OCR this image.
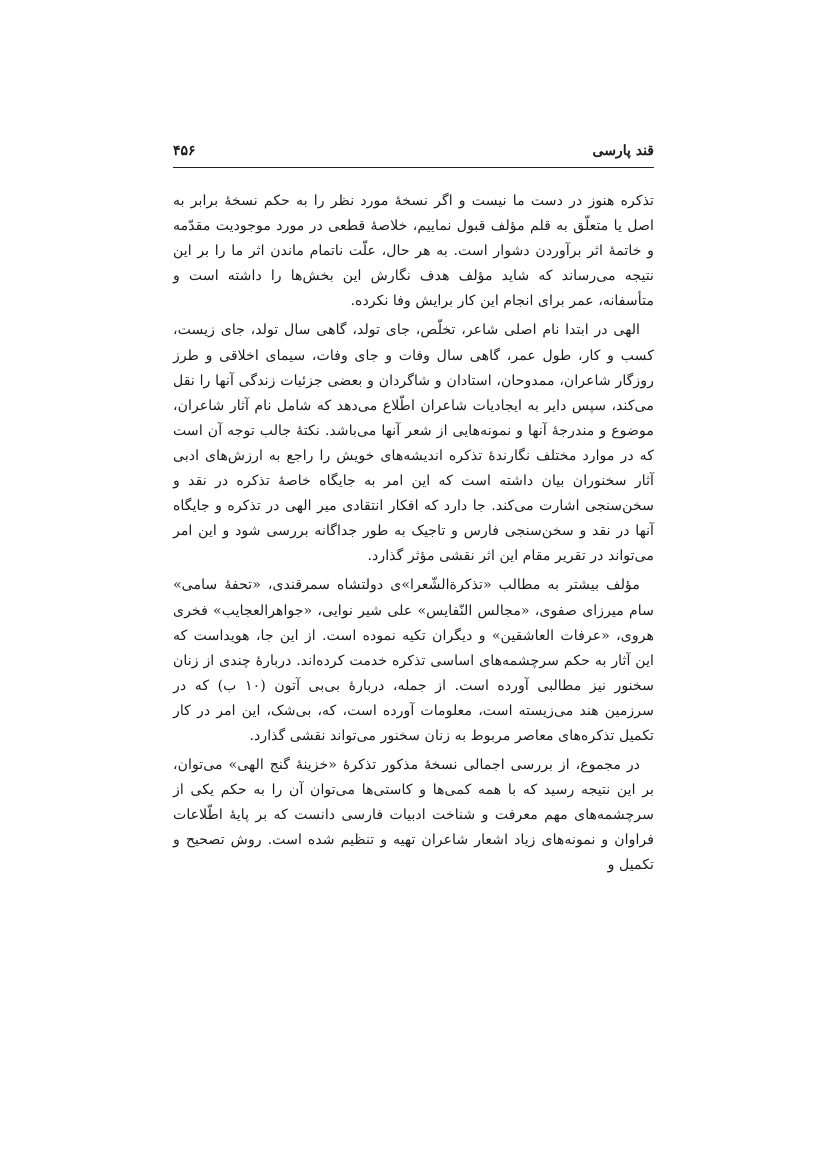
قند پارسی
۴۵۶

تذکره هنوز در دست ما نیست و اگر نسخهٔ مورد نظر را به حکم نسخهٔ برابر به اصل یا متعلّق به قلم مؤلف قبول نماییم، خلاصهٔ قطعی در مورد موجودیت مقدّمه و خاتمهٔ اثر برآوردن دشوار است. به هر حال، علّت ناتمام ماندن اثر ما را بر این نتیجه می‌رساند که شاید مؤلف هدف نگارش این بخش‌ها را داشته است و متأسفانه، عمر برای انجام این کار برایش وفا نکرده.

الهی در ابتدا نام اصلی شاعر، تخلّص، جای تولد، گاهی سال تولد، جای زیست، کسب و کار، طول عمر، گاهی سال وفات و جای وفات، سیمای اخلاقی و طرز روزگار شاعران، ممدوحان، استادان و شاگردان و بعضی جزئیات زندگی آنها را نقل می‌کند، سپس دایر به ایجادیات شاعران اطّلاع می‌دهد که شامل نام آثار شاعران، موضوع و مندرجهٔ آنها و نمونه‌هایی از شعر آنها می‌باشد. نکتهٔ جالب توجه آن است که در موارد مختلف نگارندهٔ تذکره اندیشه‌های خویش را راجع به ارزش‌های ادبی آثار سخنوران بیان داشته است که این امر به جایگاه خاصهٔ تذکره در نقد و سخن‌سنجی اشارت می‌کند. جا دارد که افکار انتقادی میر الهی در تذکره و جایگاه آنها در نقد و سخن‌سنجی فارس و تاجیک به طور جداگانه بررسی شود و این امر می‌تواند در تقریر مقام این اثر نقشی مؤثر گذارد.

مؤلف بیشتر به مطالب «تذکرةالشّعرا»ی دولتشاه سمرقندی، «تحفهٔ سامی» سام میرزای صفوی، «مجالس النّفایس» علی شیر نوایی، «جواهرالعجایب» فخری هروی، «عرفات العاشقین» و دیگران تکیه نموده است. از این جا، هویداست که این آثار به حکم سرچشمه‌های اساسی تذکره خدمت کرده‌اند. دربارهٔ چندی از زنان سخنور نیز مطالبی آورده است. از جمله، دربارهٔ بی‌بی آتون (۱۰ ب) که در سرزمین هند می‌زیسته است، معلومات آورده است، که، بی‌شک، این امر در کار تکمیل تذکره‌های معاصر مربوط به زنان سخنور می‌تواند نقشی گذارد.

در مجموع، از بررسی اجمالی نسخهٔ مذکور تذکرهٔ «خزینهٔ گنج الهی» می‌توان، بر این نتیجه رسید که با همه کمی‌ها و کاستی‌ها می‌توان آن را به حکم یکی از سرچشمه‌های مهم معرفت و شناخت ادبیات فارسی دانست که بر پایهٔ اطّلاعات فراوان و نمونه‌های زیاد اشعار شاعران تهیه و تنظیم شده است. روش تصحیح و تکمیل و
